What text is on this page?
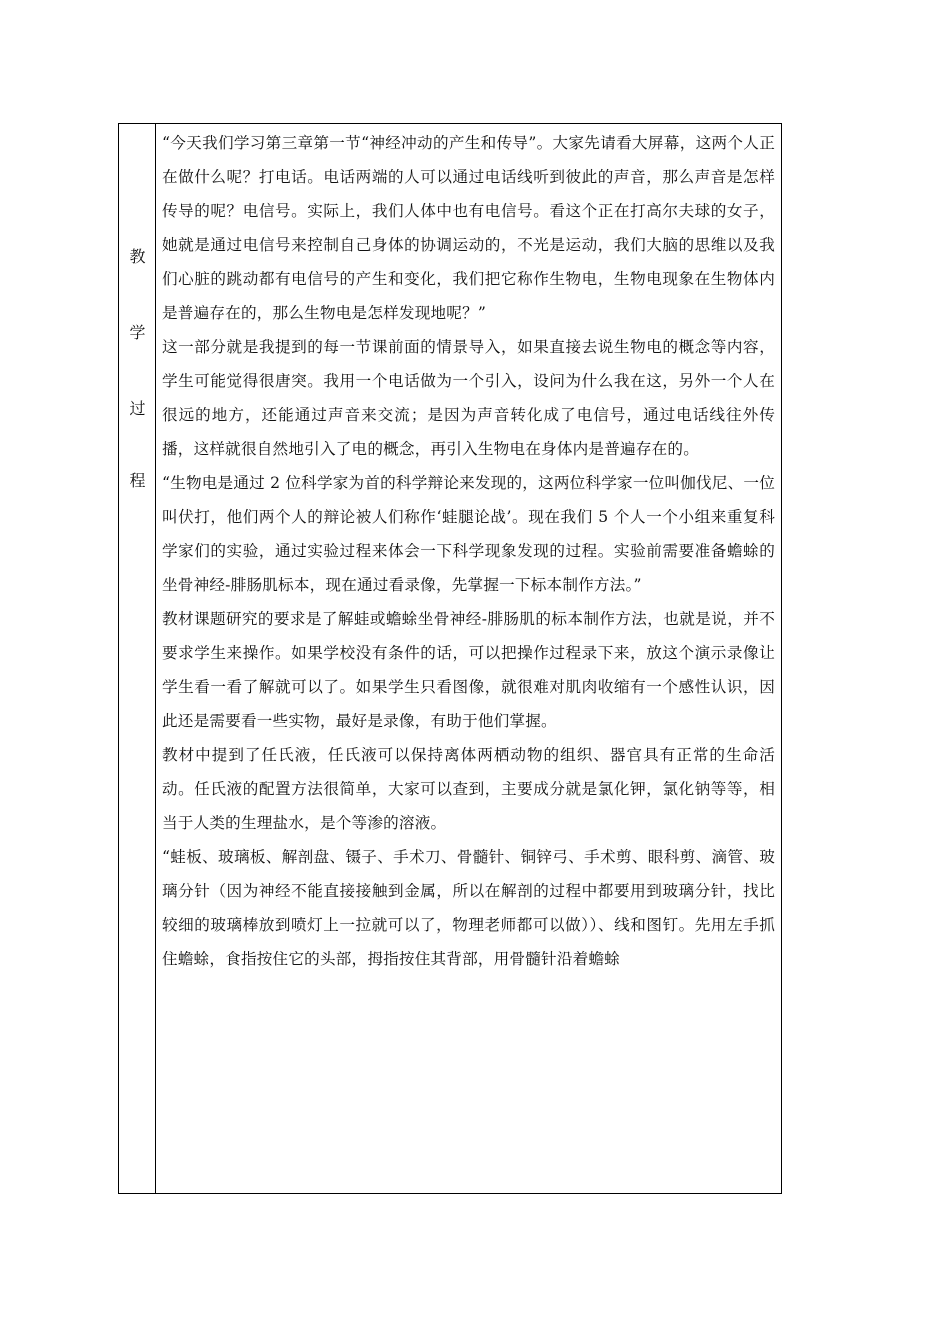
教
学
过
程

“今天我们学习第三章第一节“神经冲动的产生和传导”。大家先请看大屏幕，这两个人正在做什么呢？打电话。电话两端的人可以通过电话线听到彼此的声音，那么声音是怎样传导的呢？电信号。实际上，我们人体中也有电信号。看这个正在打高尔夫球的女子，她就是通过电信号来控制自己身体的协调运动的，不光是运动，我们大脑的思维以及我们心脏的跳动都有电信号的产生和变化，我们把它称作生物电，生物电现象在生物体内是普遍存在的，那么生物电是怎样发现地呢？”

这一部分就是我提到的每一节课前面的情景导入，如果直接去说生物电的概念等内容，学生可能觉得很唐突。我用一个电话做为一个引入，设问为什么我在这，另外一个人在很远的地方，还能通过声音来交流；是因为声音转化成了电信号，通过电话线往外传播，这样就很自然地引入了电的概念，再引入生物电在身体内是普遍存在的。

“生物电是通过 2 位科学家为首的科学辩论来发现的，这两位科学家一位叫伽伐尼、一位叫伏打，他们两个人的辩论被人们称作‘蛙腿论战’。现在我们 5 个人一个小组来重复科学家们的实验，通过实验过程来体会一下科学现象发现的过程。实验前需要准备蟾蜍的坐骨神经-腓肠肌标本，现在通过看录像，先掌握一下标本制作方法。”

教材课题研究的要求是了解蛙或蟾蜍坐骨神经-腓肠肌的标本制作方法，也就是说，并不要求学生来操作。如果学校没有条件的话，可以把操作过程录下来，放这个演示录像让学生看一看了解就可以了。如果学生只看图像，就很难对肌肉收缩有一个感性认识，因此还是需要看一些实物，最好是录像，有助于他们掌握。

教材中提到了任氏液，任氏液可以保持离体两栖动物的组织、器官具有正常的生命活动。任氏液的配置方法很简单，大家可以查到，主要成分就是氯化钾，氯化钠等等，相当于人类的生理盐水，是个等渗的溶液。

“蛙板、玻璃板、解剖盘、镊子、手术刀、骨髓针、铜锌弓、手术剪、眼科剪、滴管、玻璃分针（因为神经不能直接接触到金属，所以在解剖的过程中都要用到玻璃分针，找比较细的玻璃棒放到喷灯上一拉就可以了，物理老师都可以做））、线和图钉。先用左手抓住蟾蜍，食指按住它的头部，拇指按住其背部，用骨髓针沿着蟾蜍
